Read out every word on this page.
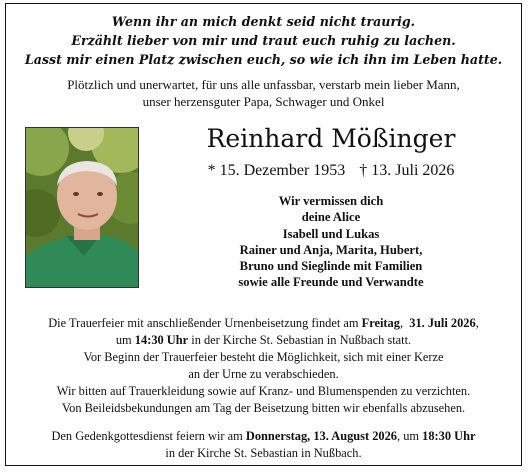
Wenn ihr an mich denkt seid nicht traurig.
Erzählt lieber von mir und traut euch ruhig zu lachen.
Lasst mir einen Platz zwischen euch, so wie ich ihn im Leben hatte.
Plötzlich und unerwartet, für uns alle unfassbar, verstarb mein lieber Mann,
unser herzensguter Papa, Schwager und Onkel
Reinhard Mößinger
* 15. Dezember 1953 † 13. Juli 2026
Wir vermissen dich
deine Alice
Isabell und Lukas
Rainer und Anja, Marita, Hubert,
Bruno und Sieglinde mit Familien
sowie alle Freunde und Verwandte
Die Trauerfeier mit anschließender Urnenbeisetzung findet am Freitag,  31. Juli 2026,
um 14:30 Uhr in der Kirche St. Sebastian in Nußbach statt.
Vor Beginn der Trauerfeier besteht die Möglichkeit, sich mit einer Kerze
an der Urne zu verabschieden.
Wir bitten auf Trauerkleidung sowie auf Kranz- und Blumenspenden zu verzichten.
Von Beileidsbekundungen am Tag der Beisetzung bitten wir ebenfalls abzusehen.
Den Gedenkgottesdienst feiern wir am Donnerstag, 13. August 2026, um 18:30 Uhr
in der Kirche St. Sebastian in Nußbach.
